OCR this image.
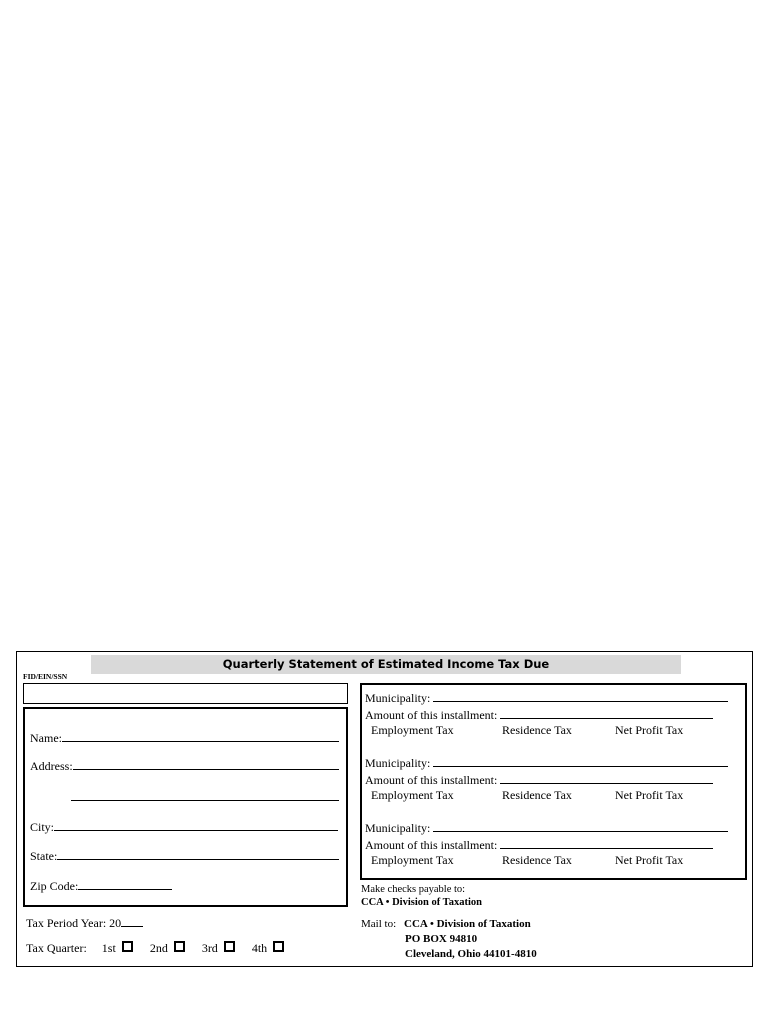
Quarterly Statement of Estimated Income Tax Due
FID/EIN/SSN
Name:
Address:
City:
State:
Zip Code:
Tax Period Year: 20
Tax Quarter: 1st	2nd	3rd	4th
Municipality:
Amount of this installment:
Employment Tax	Residence Tax	Net Profit Tax
Municipality:
Amount of this installment:
Employment Tax	Residence Tax	Net Profit Tax
Municipality:
Amount of this installment:
Employment Tax	Residence Tax	Net Profit Tax
Make checks payable to:
CCA • Division of Taxation
Mail to: CCA • Division of Taxation
PO BOX 94810
Cleveland, Ohio 44101-4810
